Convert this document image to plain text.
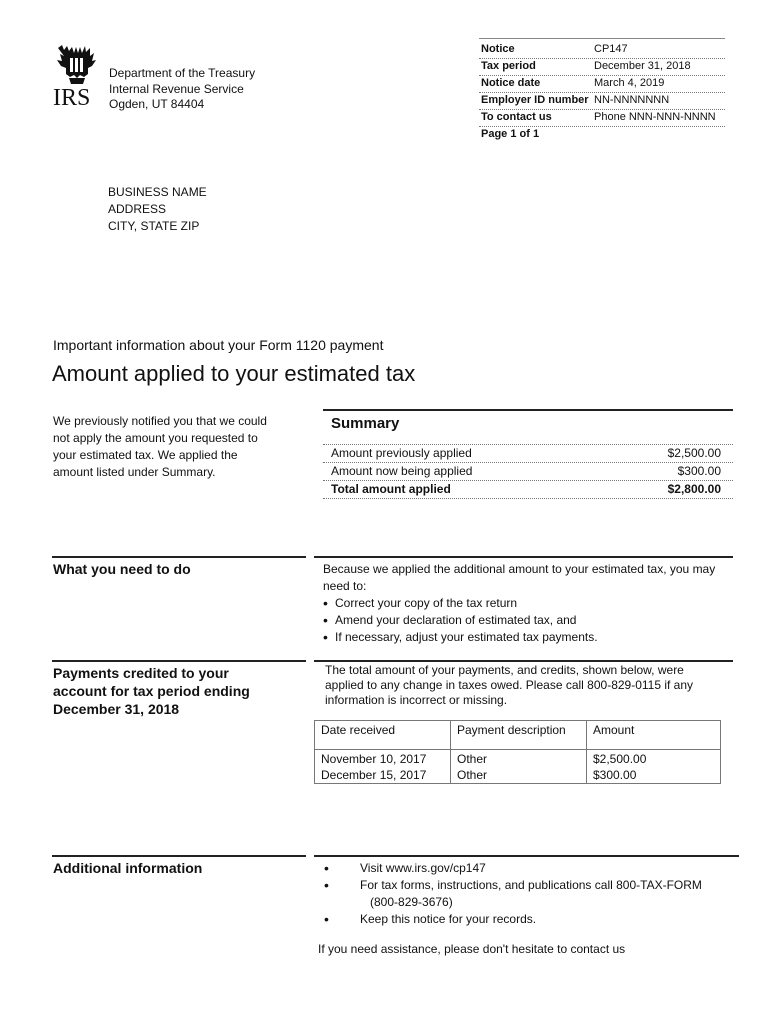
IRS
Department of the Treasury
Internal Revenue Service
Ogden, UT 84404
Notice	CP147
Tax period	December 31, 2018
Notice date	March 4, 2019
Employer ID number NN-NNNNNNN
To contact us	Phone NNN-NNN-NNNN
Page 1 of 1
BUSINESS NAME
ADDRESS
CITY, STATE ZIP
Important information about your Form 1120 payment
Amount applied to your estimated tax
We previously notified you that we could not apply the amount you requested to your estimated tax. We applied the amount listed under Summary.
Summary
Amount previously applied	$2,500.00
Amount now being applied	$300.00
Total amount applied	$2,800.00
What you need to do	Because we applied the additional amount to your estimated tax, you may need to:
• Correct your copy of the tax return
• Amend your declaration of estimated tax, and
• If necessary, adjust your estimated tax payments.
Payments credited to your account for tax period ending December 31, 2018
The total amount of your payments, and credits, shown below, were applied to any change in taxes owed. Please call 800-829-0115 if any information is incorrect or missing.
Date received	Payment description	Amount
November 10, 2017	Other	$2,500.00
December 15, 2017	Other	$300.00
Additional information	• Visit www.irs.gov/cp147
• For tax forms, instructions, and publications call 800-TAX-FORM
(800-829-3676)
• Keep this notice for your records.
If you need assistance, please don't hesitate to contact us
